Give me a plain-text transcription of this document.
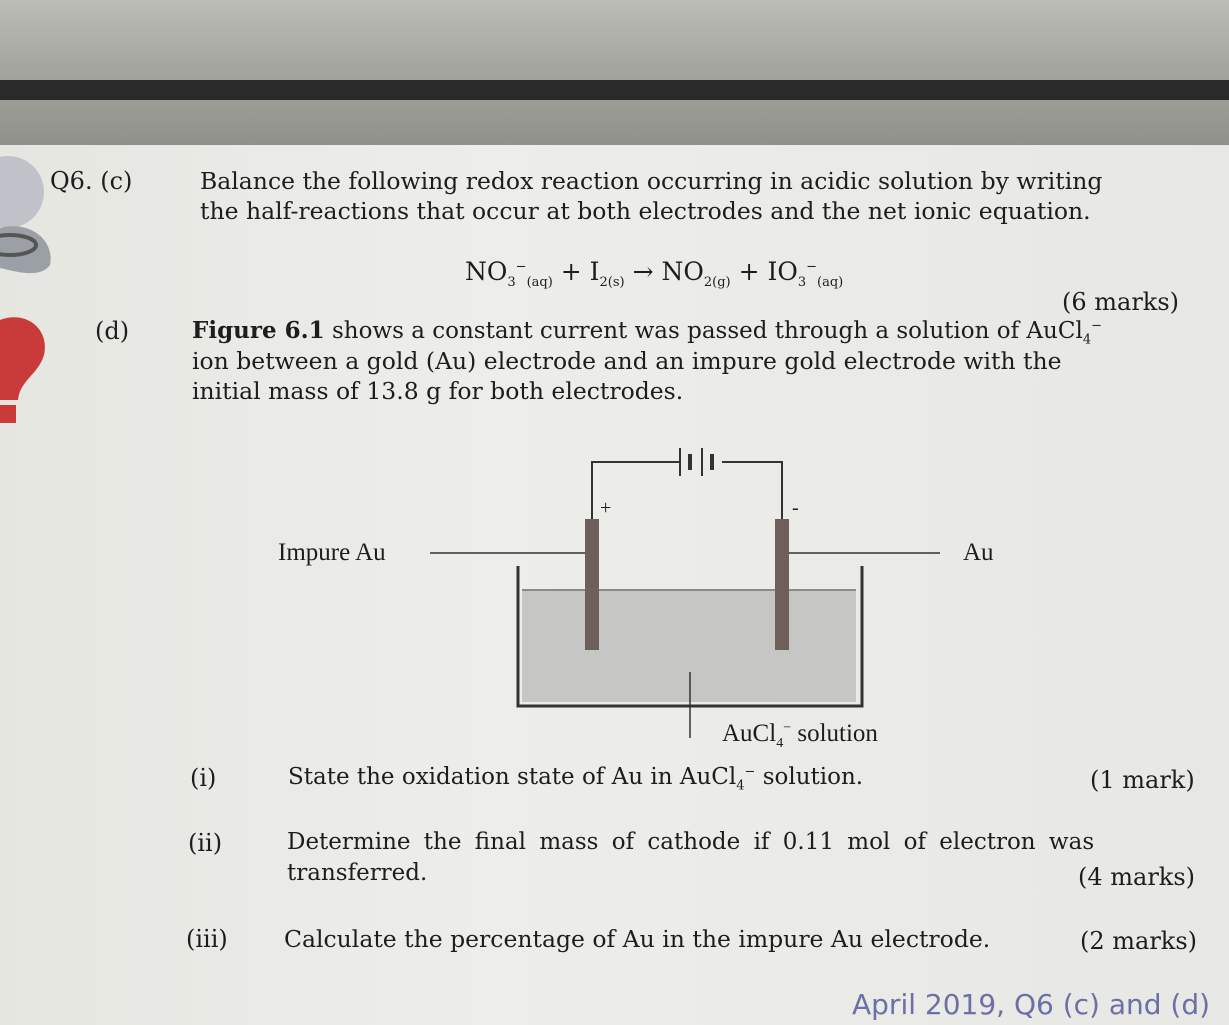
Q6. (c)	Balance the following redox reaction occurring in acidic solution by writing
the half-reactions that occur at both electrodes and the net ionic equation.
$NO_3^-_{(aq)} + I_{2(s)} \to NO_{2(g)} + IO_3^-_{(aq)}$
(6 marks)
(d)	Figure 6.1 shows a constant current was passed through a solution of AuCl$_4$−
ion between a gold (Au) electrode and an impure gold electrode with the
initial mass of 13.8 g for both electrodes.
Impure Au	Au
+	-
AuCl$_4$− solution
(i)	State the oxidation state of Au in AuCl$_4$− solution.	(1 mark)
(ii)	Determine the final mass of cathode if 0.11 mol of electron was
transferred.	(4 marks)
(iii) Calculate the percentage of Au in the impure Au electrode.	(2 marks)
April 2019, Q6 (c) and (d)
